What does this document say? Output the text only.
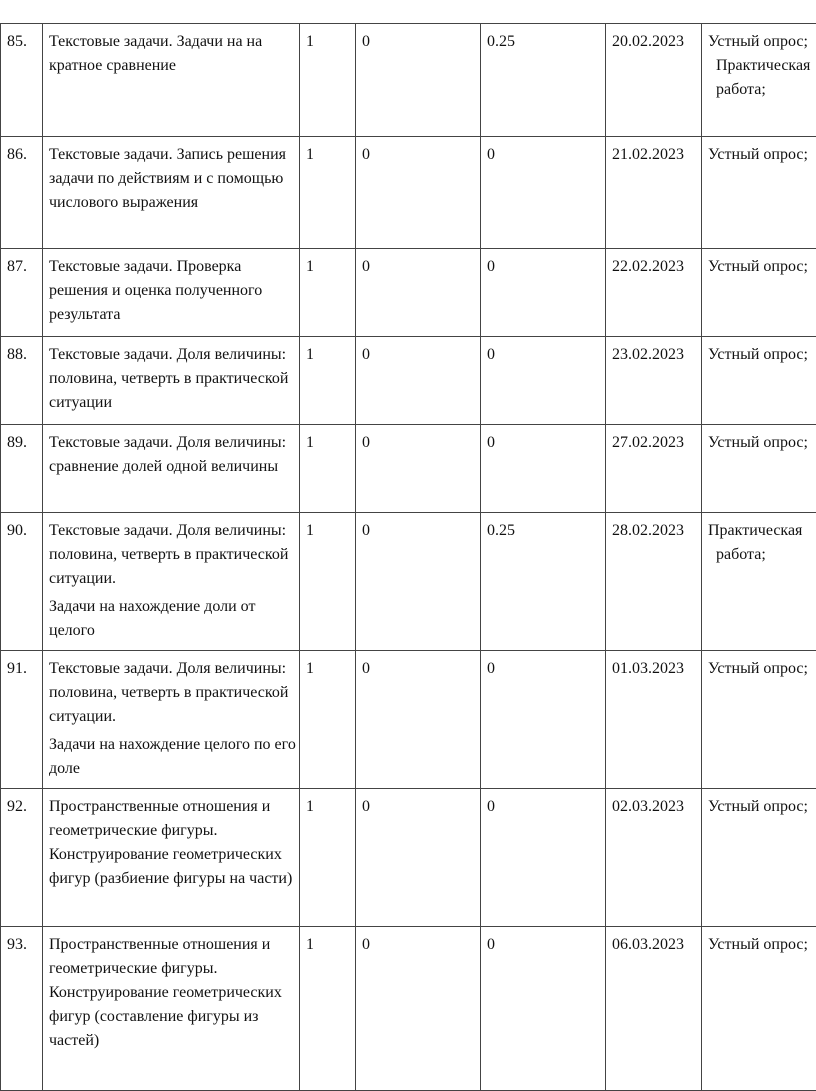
85.	Текстовые задачи. Задачи на на кратное сравнение	1	0	0.25	20.02.2023	Устный опрос; Практическая работа;

86.	Текстовые задачи. Запись решения задачи по действиям и с помощью числового выражения	1	0	0	21.02.2023	Устный опрос;

87.	Текстовые задачи. Проверка решения и оценка полученного результата	1	0	0	22.02.2023	Устный опрос;

88.	Текстовые задачи. Доля величины: половина, четверть в практической ситуации	1	0	0	23.02.2023	Устный опрос;

89.	Текстовые задачи. Доля величины: сравнение долей одной величины	1	0	0	27.02.2023	Устный опрос;

90.	Текстовые задачи. Доля величины: половина, четверть в практической ситуации.
Задачи на нахождение доли от целого	1	0	0.25	28.02.2023	Практическая работа;

91.	Текстовые задачи. Доля величины: половина, четверть в практической ситуации.
Задачи на нахождение целого по его доле	1	0	0	01.03.2023	Устный опрос;

92.	Пространственные отношения и геометрические фигуры. Конструирование геометрических фигур (разбиение фигуры на части)	1	0	0	02.03.2023	Устный опрос;

93.	Пространственные отношения и геометрические фигуры. Конструирование геометрических фигур (составление фигуры из частей)	1	0	0	06.03.2023	Устный опрос;
